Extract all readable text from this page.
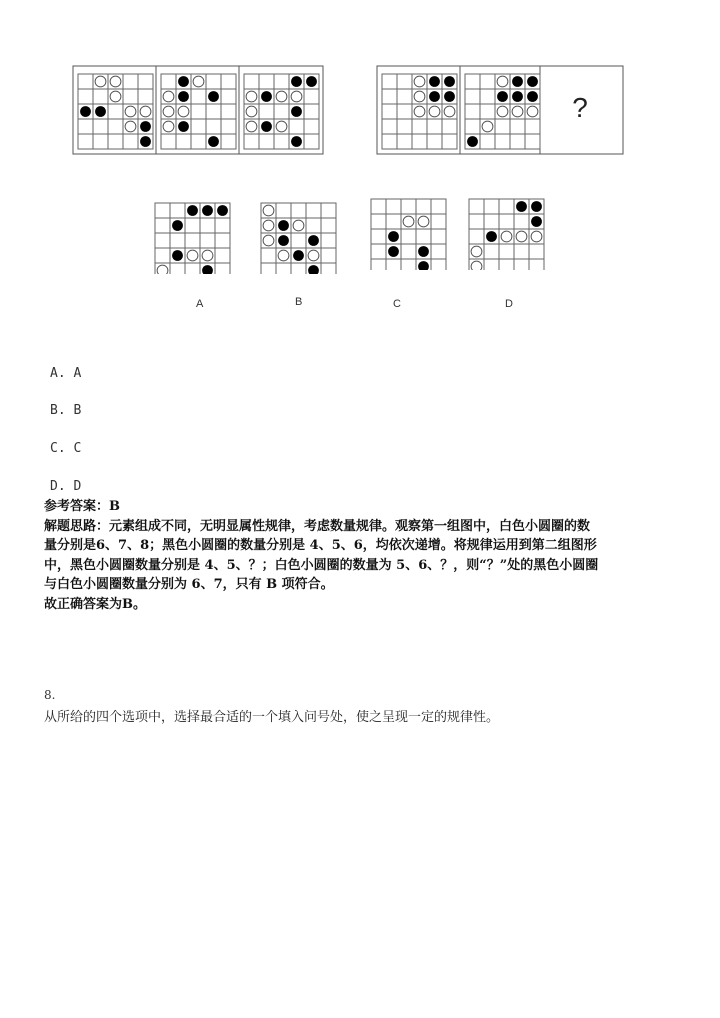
?
A	B	C	D
A. A
B. B
C. C
D. D

参考答案：B

解题思路：元素组成不同，无明显属性规律，考虑数量规律。观察第一组图中，白色小圆圈的数

量分别是6、7、8；黑色小圆圈的数量分别是 4、5、6，均依次递增。将规律运用到第二组图形

中，黑色小圆圈数量分别是 4、5、？；白色小圆圈的数量为 5、6、？，则“？”处的黑色小圆圈

与白色小圆圈数量分别为 6、7，只有 B 项符合。

故正确答案为B。

8.
从所给的四个选项中，选择最合适的一个填入问号处，使之呈现一定的规律性。
